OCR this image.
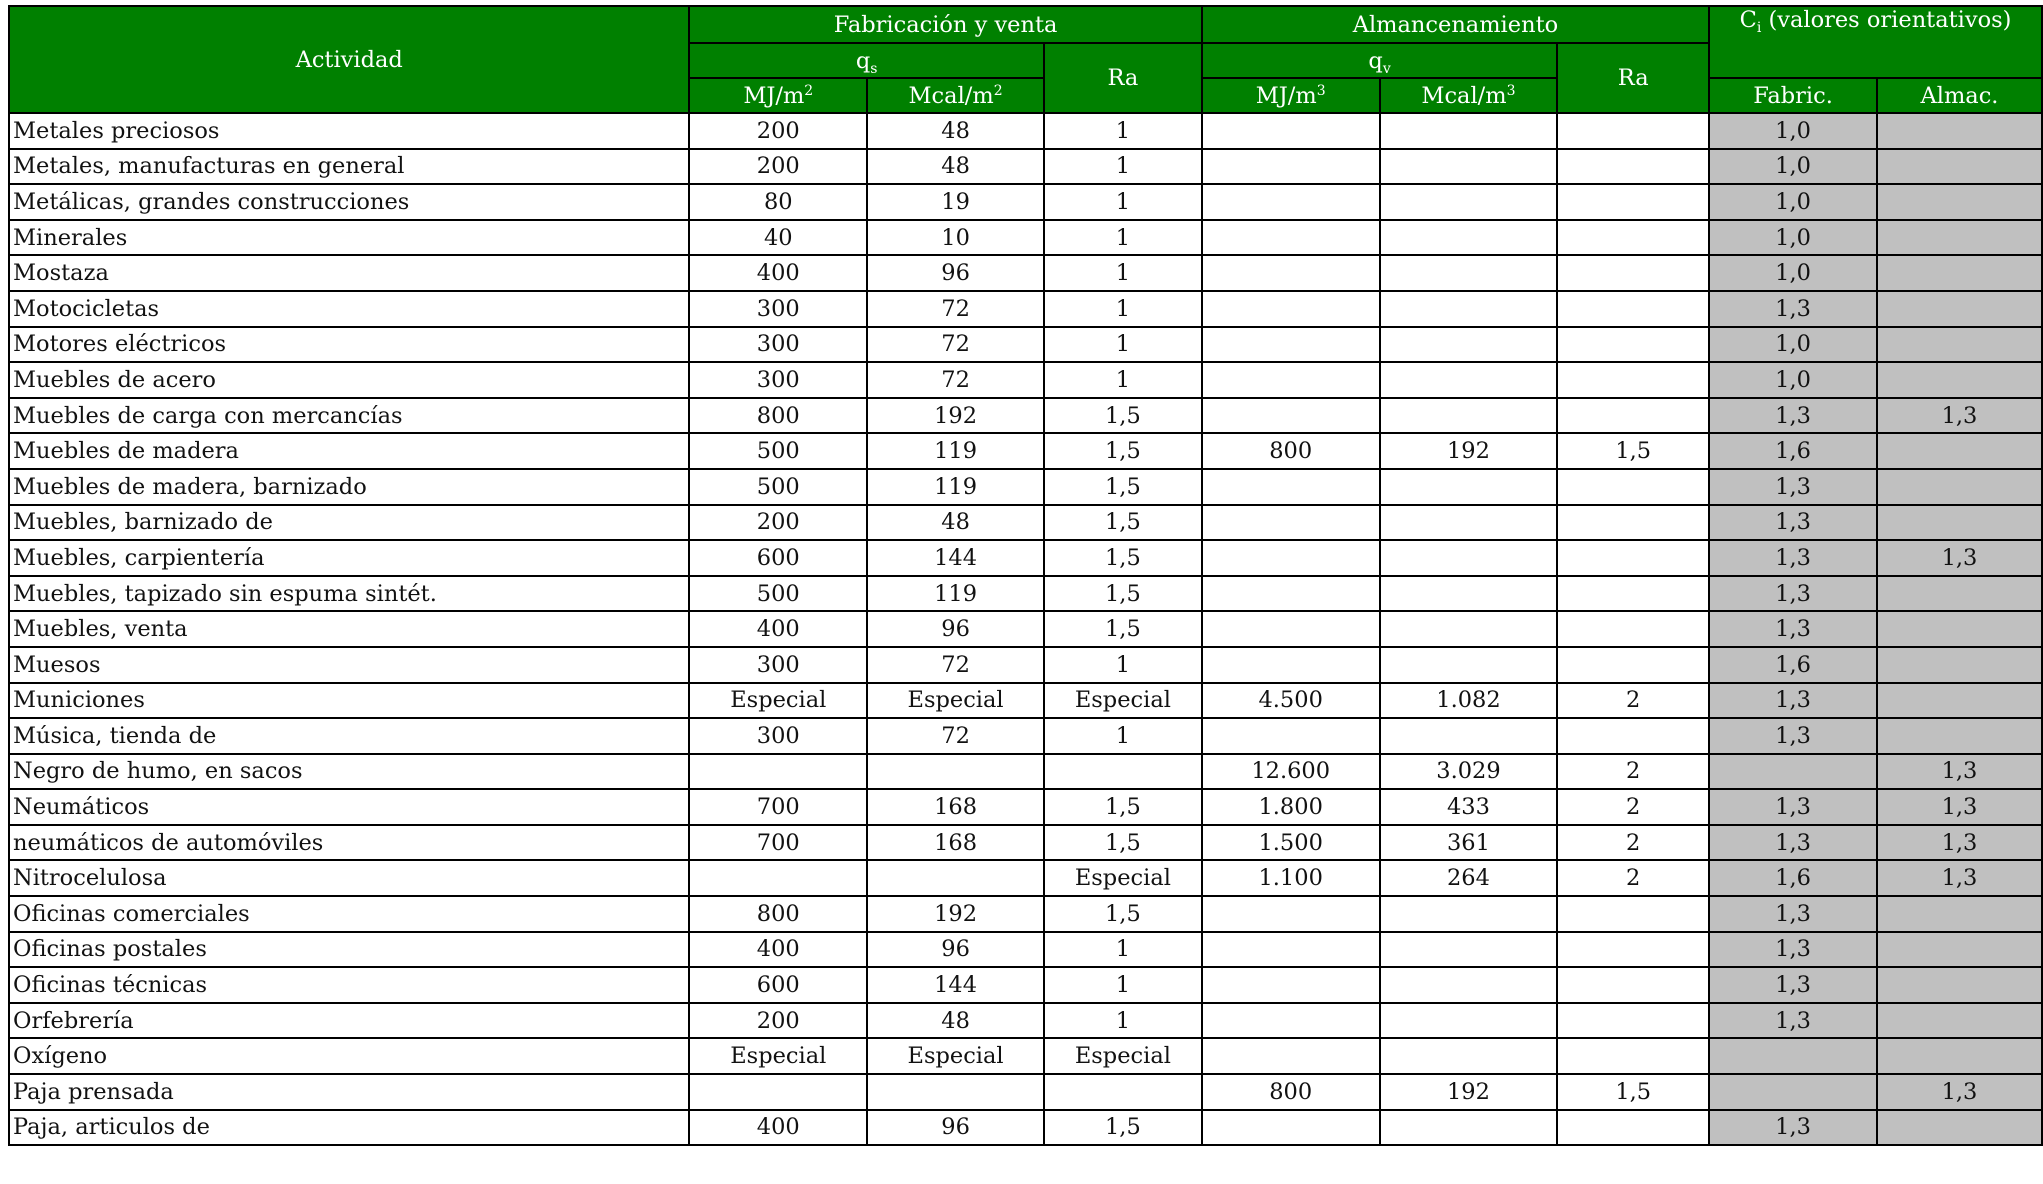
Actividad	Fabricación y venta			Almancenamiento			$C_i$ (valores orientativos)	
	$q_s$		Ra	$q_v$		Ra		
	$MJ/m^2$	Mcal/$m^2$		$MJ/m^3$	Mcal/$m^3$		Fabric.	Almac.
Metales preciosos	200	48	1				1,0	
Metales, manufacturas en general	200	48	1				1,0	
Metálicas, grandes construcciones	80	19	1				1,0	
Minerales	40	10	1				1,0	
Mostaza	400	96	1				1,0	
Motocicletas	300	72	1				1,3	
Motores eléctricos	300	72	1				1,0	
Muebles de acero	300	72	1				1,0	
Muebles de carga con mercancías	800	192	1,5				1,3	1,3
Muebles de madera	500	119	1,5	800	192	1,5	1,6	
Muebles de madera, barnizado	500	119	1,5				1,3	
Muebles, barnizado de	200	48	1,5				1,3	
Muebles, carpientería	600	144	1,5				1,3	1,3
Muebles, tapizado sin espuma sintét.	500	119	1,5				1,3	
Muebles, venta	400	96	1,5				1,3	
Muesos	300	72	1				1,6	
Municiones	Especial	Especial	Especial	4.500	1.082	2	1,3	
Música, tienda de	300	72	1				1,3	
Negro de humo, en sacos				12.600	3.029	2		1,3
Neumáticos	700	168	1,5	1.800	433	2	1,3	1,3
neumáticos de automóviles	700	168	1,5	1.500	361	2	1,3	1,3
Nitrocelulosa			Especial	1.100	264	2	1,6	1,3
Oficinas comerciales	800	192	1,5				1,3	
Oficinas postales	400	96	1				1,3	
Oficinas técnicas	600	144	1				1,3	
Orfebrería	200	48	1				1,3	
Oxígeno	Especial	Especial	Especial					
Paja prensada				800	192	1,5		1,3
Paja, articulos de	400	96	1,5				1,3	
